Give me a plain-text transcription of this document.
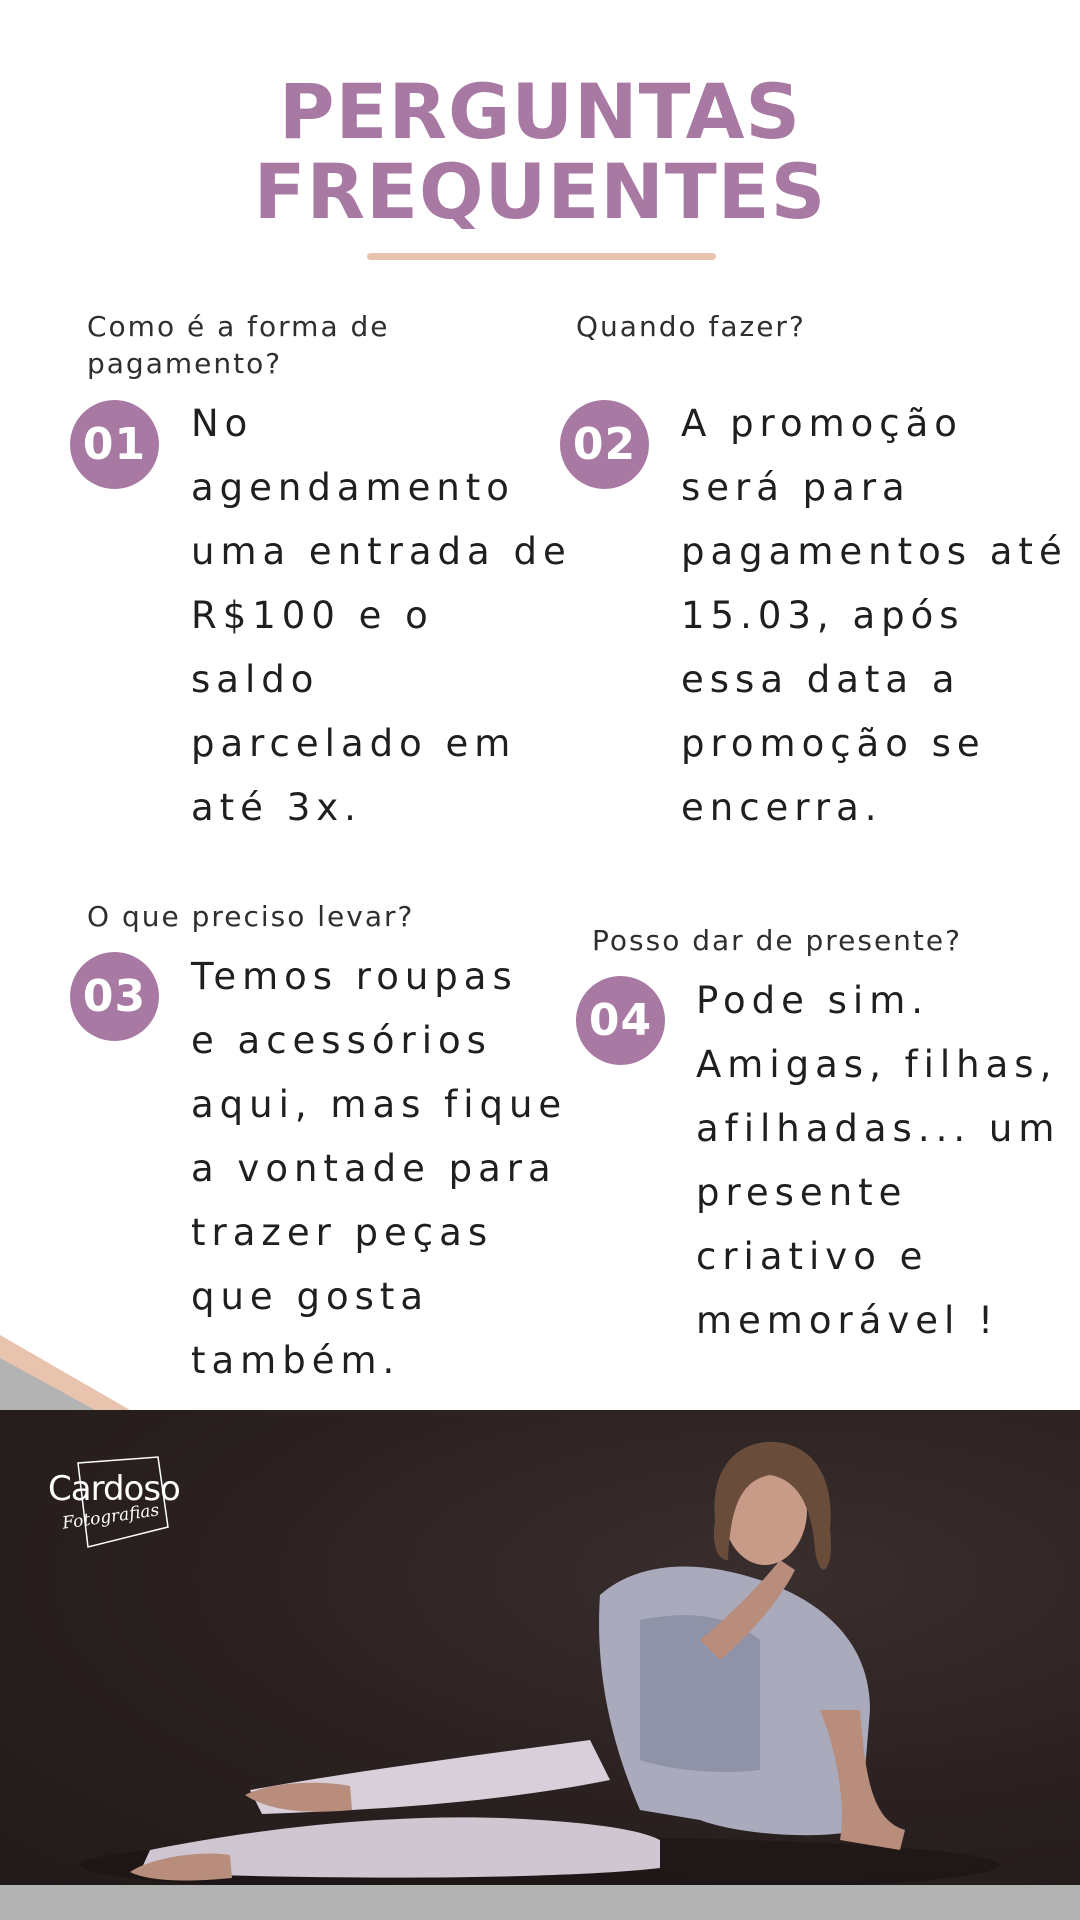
PERGUNTAS
FREQUENTES
Como é a forma de
pagamento?
01	No
agendamento
uma entrada de
R$100 e o
saldo
parcelado em
até 3x.
Quando fazer?
02	A promoção
será para
pagamentos até
15.03, após
essa data a
promoção se
encerra.
O que preciso levar?
03	Temos roupas
e acessórios
aqui, mas fique
a vontade para
trazer peças
que gosta
também.
Posso dar de presente?
04	Pode sim.
Amigas, filhas,
afilhadas... um
presente
criativo e
memorável !
Cardoso
Fotografias
